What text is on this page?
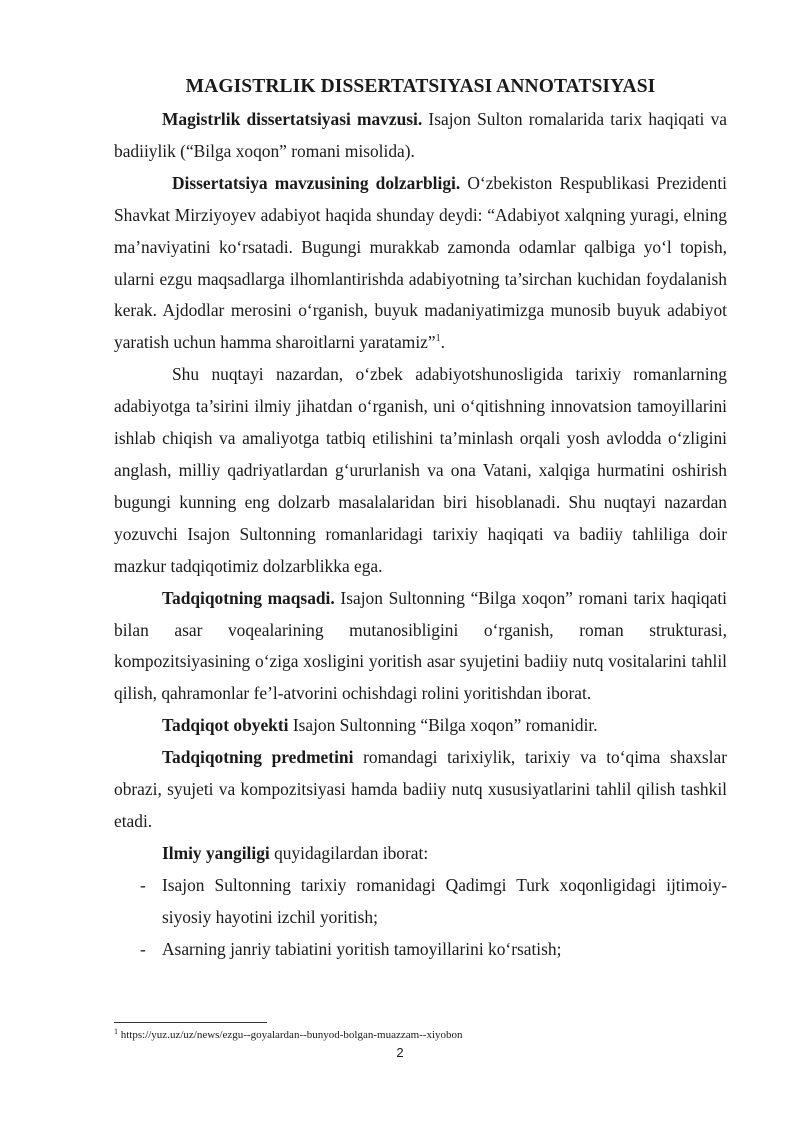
MAGISTRLIK DISSERTATSIYASI ANNOTATSIYASI

Magistrlik dissertatsiyasi mavzusi. Isajon Sulton romalarida tarix haqiqati va badiiylik (“Bilga xoqon” romani misolida).

Dissertatsiya mavzusining dolzarbligi. O‘zbekiston Respublikasi Prezidenti Shavkat Mirziyoyev adabiyot haqida shunday deydi: “Adabiyot xalqning yuragi, elning ma’naviyatini ko‘rsatadi. Bugungi murakkab zamonda odamlar qalbiga yo‘l topish, ularni ezgu maqsadlarga ilhomlantirishda adabiyotning ta’sirchan kuchidan foydalanish kerak. Ajdodlar merosini o‘rganish, buyuk madaniyatimizga munosib buyuk adabiyot yaratish uchun hamma sharoitlarni yaratamiz”$^1$.

Shu nuqtayi nazardan, o‘zbek adabiyotshunosligida tarixiy romanlarning adabiyotga ta’sirini ilmiy jihatdan o‘rganish, uni o‘qitishning innovatsion tamoyillarini ishlab chiqish va amaliyotga tatbiq etilishini ta’minlash orqali yosh avlodda o‘zligini anglash, milliy qadriyatlardan g‘ururlanish va ona Vatani, xalqiga hurmatini oshirish bugungi kunning eng dolzarb masalalaridan biri hisoblanadi. Shu nuqtayi nazardan yozuvchi Isajon Sultonning romanlaridagi tarixiy haqiqati va badiiy tahliliga doir mazkur tadqiqotimiz dolzarblikka ega.

Tadqiqotning maqsadi. Isajon Sultonning “Bilga xoqon” romani tarix haqiqati bilan asar voqealarining mutanosibligini o‘rganish, roman strukturasi, kompozitsiyasining o‘ziga xosligini yoritish asar syujetini badiiy nutq vositalarini tahlil qilish, qahramonlar fe’l-atvorini ochishdagi rolini yoritishdan iborat.

Tadqiqot obyekti Isajon Sultonning “Bilga xoqon” romanidir.

Tadqiqotning predmetini romandagi tarixiylik, tarixiy va to‘qima shaxslar obrazi, syujeti va kompozitsiyasi hamda badiiy nutq xususiyatlarini tahlil qilish tashkil etadi.

Ilmiy yangiligi quyidagilardan iborat:

- Isajon Sultonning tarixiy romanidagi Qadimgi Turk xoqonligidagi ijtimoiy-siyosiy hayotini izchil yoritish;
- Asarning janriy tabiatini yoritish tamoyillarini ko‘rsatish;
$^1$ https://yuz.uz/uz/news/ezgu--goyalardan--bunyod-bolgan-muazzam--xiyobon
2
